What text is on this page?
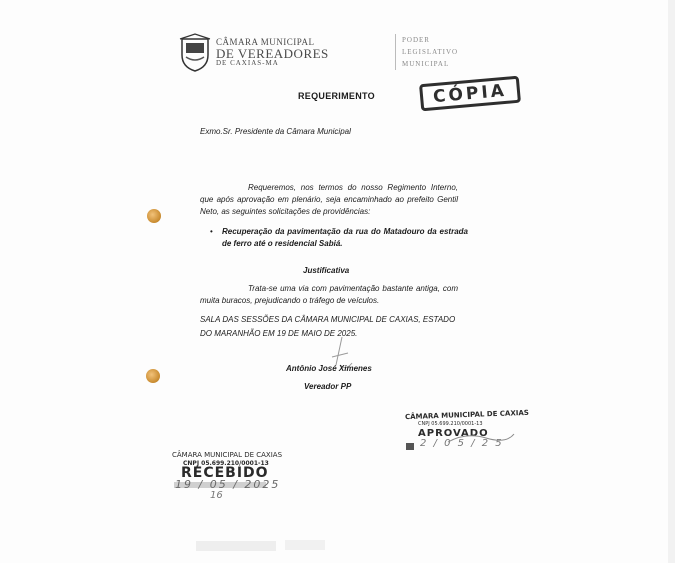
CÂMARA MUNICIPAL
DE VEREADORES
DE CAXIAS-MA
PODER
LEGISLATIVO
MUNICIPAL
CÓPIA
REQUERIMENTO
Exmo.Sr. Presidente da Câmara Municipal
Requeremos, nos termos do nosso Regimento Interno, que após aprovação em plenário, seja encaminhado ao prefeito Gentil Neto, as seguintes solicitações de providências:
•	Recuperação da pavimentação da rua do Matadouro da estrada de ferro até o residencial Sabiá.
Justificativa
Trata-se uma via com pavimentação bastante antiga, com muita buracos, prejudicando o tráfego de veículos.
SALA DAS SESSÕES DA CÂMARA MUNICIPAL DE CAXIAS, ESTADO DO MARANHÃO EM 19 DE MAIO DE 2025.
Antônio José Ximenes
Vereador PP
CÂMARA MUNICIPAL DE CAXIAS
CNPJ 05.699.210/0001-13
APROVADO
2 / 0 5 / 2 5
CÂMARA MUNICIPAL DE CAXIAS
CNPJ 05.699.210/0001-13
RECEBIDO
19 / 05 / 2025
16
